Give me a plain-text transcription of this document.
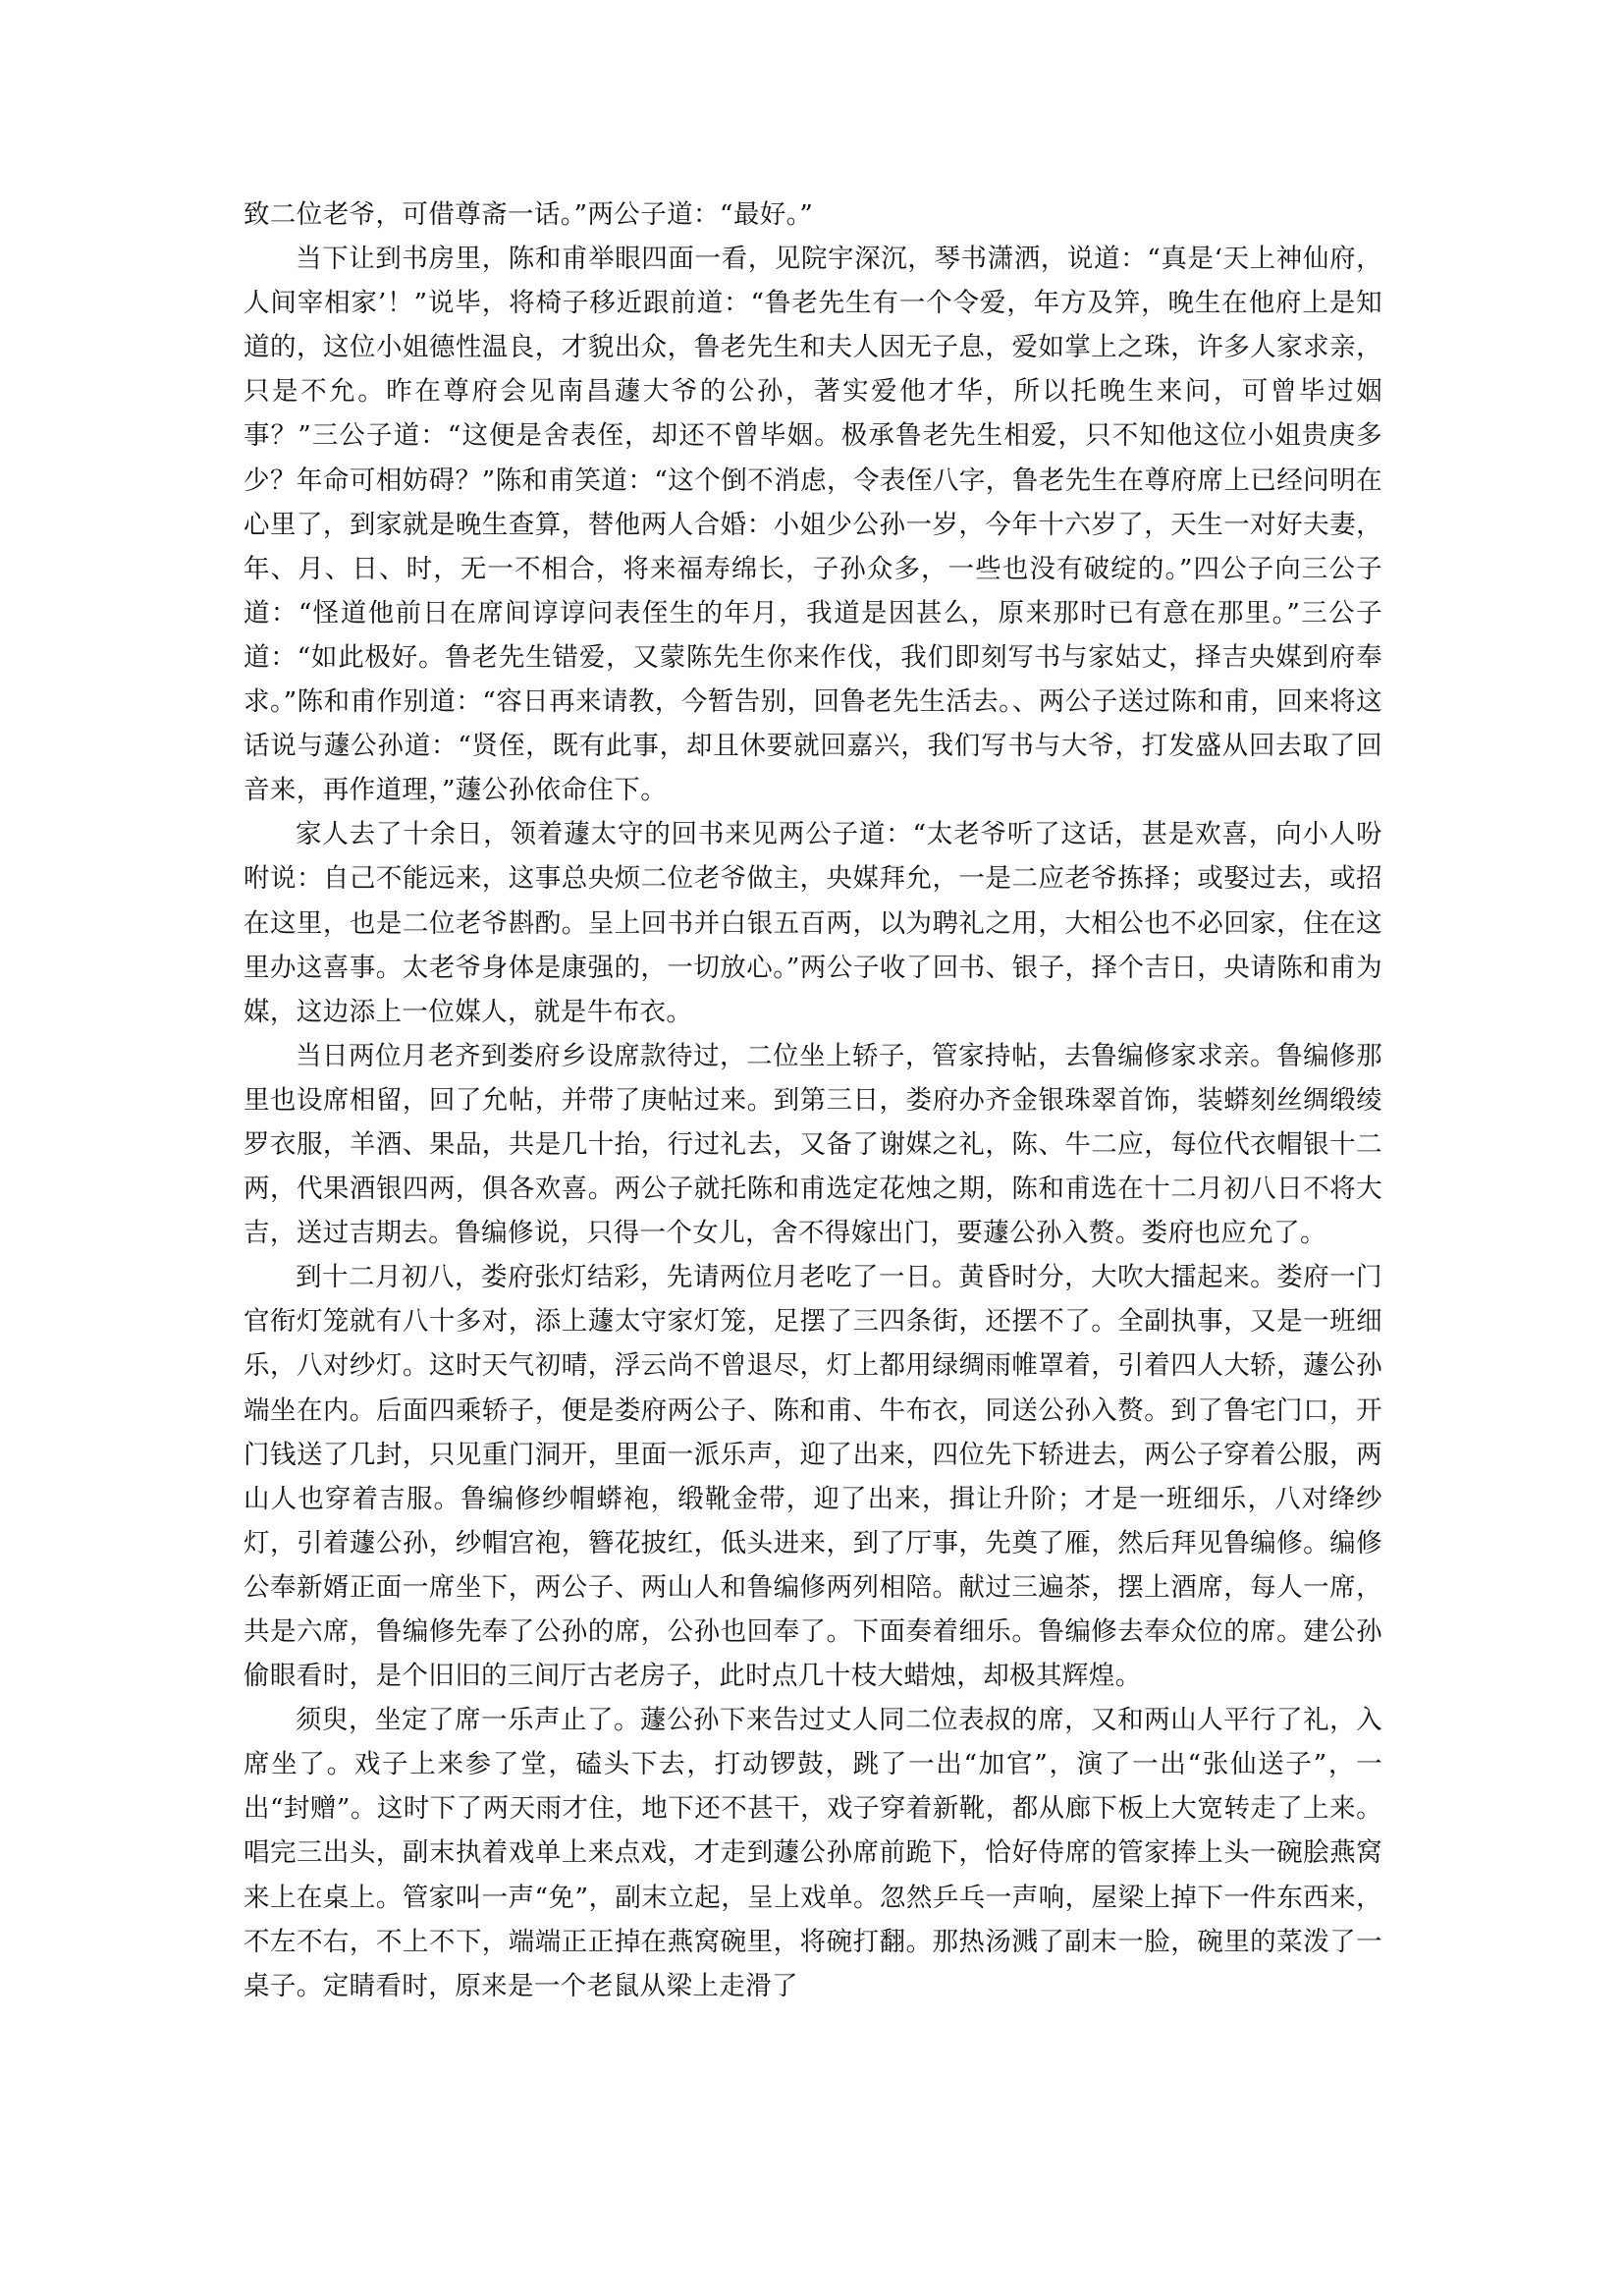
致二位老爷，可借尊斋一话。”两公子道：“最好。”

当下让到书房里，陈和甫举眼四面一看，见院宇深沉，琴书潇洒，说道：“真是‘天上神仙府，人间宰相家’！”说毕，将椅子移近跟前道：“鲁老先生有一个令爱，年方及笄，晚生在他府上是知道的，这位小姐德性温良，才貌出众，鲁老先生和夫人因无子息，爱如掌上之珠，许多人家求亲，只是不允。昨在尊府会见南昌蘧大爷的公孙，著实爱他才华，所以托晚生来问，可曾毕过姻事？”三公子道：“这便是舍表侄，却还不曾毕姻。极承鲁老先生相爱，只不知他这位小姐贵庚多少？年命可相妨碍？”陈和甫笑道：“这个倒不消虑，令表侄八字，鲁老先生在尊府席上已经问明在心里了，到家就是晚生查算，替他两人合婚：小姐少公孙一岁，今年十六岁了，天生一对好夫妻，年、月、日、时，无一不相合，将来福寿绵长，子孙众多，一些也没有破绽的。”四公子向三公子道：“怪道他前日在席间谆谆问表侄生的年月，我道是因甚么，原来那时已有意在那里。”三公子道：“如此极好。鲁老先生错爱，又蒙陈先生你来作伐，我们即刻写书与家姑丈，择吉央媒到府奉求。”陈和甫作别道：“容日再来请教，今暂告别，回鲁老先生活去。、两公子送过陈和甫，回来将这话说与蘧公孙道：“贤侄，既有此事，却且休要就回嘉兴，我们写书与大爷，打发盛从回去取了回音来，再作道理，”蘧公孙依命住下。

家人去了十余日，领着蘧太守的回书来见两公子道：“太老爷听了这话，甚是欢喜，向小人吩咐说：自己不能远来，这事总央烦二位老爷做主，央媒拜允，一是二应老爷拣择；或娶过去，或招在这里，也是二位老爷斟酌。呈上回书并白银五百两，以为聘礼之用，大相公也不必回家，住在这里办这喜事。太老爷身体是康强的，一切放心。”两公子收了回书、银子，择个吉日，央请陈和甫为媒，这边添上一位媒人，就是牛布衣。

当日两位月老齐到娄府乡设席款待过，二位坐上轿子，管家持帖，去鲁编修家求亲。鲁编修那里也设席相留，回了允帖，并带了庚帖过来。到第三日，娄府办齐金银珠翠首饰，装蟒刻丝绸缎绫罗衣服，羊酒、果品，共是几十抬，行过礼去，又备了谢媒之礼，陈、牛二应，每位代衣帽银十二两，代果酒银四两，俱各欢喜。两公子就托陈和甫选定花烛之期，陈和甫选在十二月初八日不将大吉，送过吉期去。鲁编修说，只得一个女儿，舍不得嫁出门，要蘧公孙入赘。娄府也应允了。

到十二月初八，娄府张灯结彩，先请两位月老吃了一日。黄昏时分，大吹大擂起来。娄府一门官衔灯笼就有八十多对，添上蘧太守家灯笼，足摆了三四条街，还摆不了。全副执事，又是一班细乐，八对纱灯。这时天气初晴，浮云尚不曾退尽，灯上都用绿绸雨帷罩着，引着四人大轿，蘧公孙端坐在内。后面四乘轿子，便是娄府两公子、陈和甫、牛布衣，同送公孙入赘。到了鲁宅门口，开门钱送了几封，只见重门洞开，里面一派乐声，迎了出来，四位先下轿进去，两公子穿着公服，两山人也穿着吉服。鲁编修纱帽蟒袍，缎靴金带，迎了出来，揖让升阶；才是一班细乐，八对绛纱灯，引着蘧公孙，纱帽宫袍，簪花披红，低头进来，到了厅事，先奠了雁，然后拜见鲁编修。编修公奉新婿正面一席坐下，两公子、两山人和鲁编修两列相陪。献过三遍茶，摆上酒席，每人一席，共是六席，鲁编修先奉了公孙的席，公孙也回奉了。下面奏着细乐。鲁编修去奉众位的席。建公孙偷眼看时，是个旧旧的三间厅古老房子，此时点几十枝大蜡烛，却极其辉煌。

须臾，坐定了席一乐声止了。蘧公孙下来告过丈人同二位表叔的席，又和两山人平行了礼，入席坐了。戏子上来参了堂，磕头下去，打动锣鼓，跳了一出“加官”，演了一出“张仙送子”，一出“封赠”。这时下了两天雨才住，地下还不甚干，戏子穿着新靴，都从廊下板上大宽转走了上来。唱完三出头，副末执着戏单上来点戏，才走到蘧公孙席前跪下，恰好侍席的管家捧上头一碗脍燕窝来上在桌上。管家叫一声“免”，副末立起，呈上戏单。忽然乒乓一声响，屋梁上掉下一件东西来，不左不右，不上不下，端端正正掉在燕窝碗里，将碗打翻。那热汤溅了副末一脸，碗里的菜泼了一桌子。定睛看时，原来是一个老鼠从梁上走滑了
